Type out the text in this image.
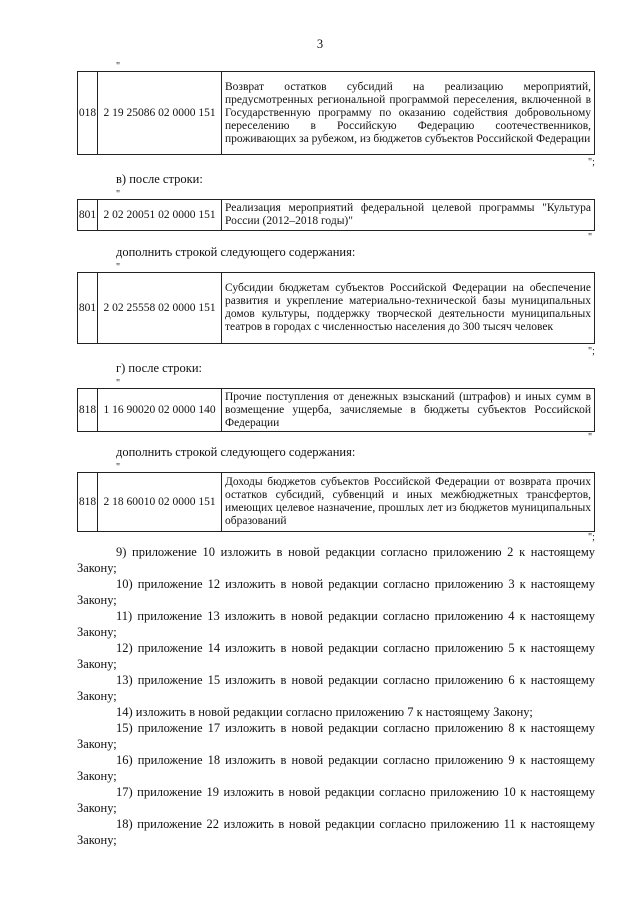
3
"
018	2 19 25086 02 0000 151	Возврат остатков субсидий на реализацию мероприятий, предусмотренных региональной программой переселения, включенной в Государственную программу по оказанию содействия добровольному переселению в Российскую Федерацию соотечественников, проживающих за рубежом, из бюджетов субъектов Российской Федерации
";
в) после строки:
"
801	2 02 20051 02 0000 151	Реализация мероприятий федеральной целевой программы "Культура России (2012–2018 годы)"
"
дополнить строкой следующего содержания:
"
801	2 02 25558 02 0000 151	Субсидии бюджетам субъектов Российской Федерации на обеспечение развития и укрепление материально-технической базы муниципальных домов культуры, поддержку творческой деятельности муниципальных театров в городах с численностью населения до 300 тысяч человек
";
г) после строки:
"
818	1 16 90020 02 0000 140	Прочие поступления от денежных взысканий (штрафов) и иных сумм в возмещение ущерба, зачисляемые в бюджеты субъектов Российской Федерации
"
дополнить строкой следующего содержания:
"
818	2 18 60010 02 0000 151	Доходы бюджетов субъектов Российской Федерации от возврата прочих остатков субсидий, субвенций и иных межбюджетных трансфертов, имеющих целевое назначение, прошлых лет из бюджетов муниципальных образований
";

9) приложение 10 изложить в новой редакции согласно приложению 2 к настоящему Закону;

10) приложение 12 изложить в новой редакции согласно приложению 3 к настоящему Закону;

11) приложение 13 изложить в новой редакции согласно приложению 4 к настоящему Закону;

12) приложение 14 изложить в новой редакции согласно приложению 5 к настоящему Закону;

13) приложение 15 изложить в новой редакции согласно приложению 6 к настоящему Закону;

14) изложить в новой редакции согласно приложению 7 к настоящему Закону;

15) приложение 17 изложить в новой редакции согласно приложению 8 к настоящему Закону;

16) приложение 18 изложить в новой редакции согласно приложению 9 к настоящему Закону;

17) приложение 19 изложить в новой редакции согласно приложению 10 к настоящему Закону;

18) приложение 22 изложить в новой редакции согласно приложению 11 к настоящему Закону;
